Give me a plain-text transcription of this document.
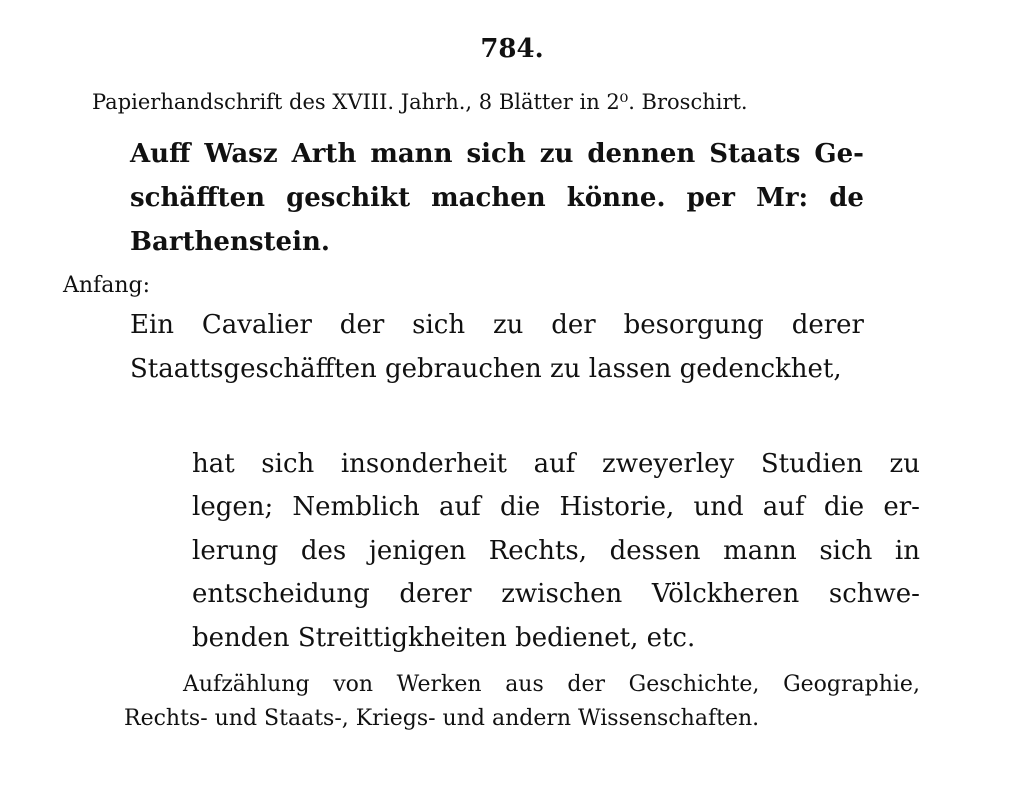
784.
Papierhandschrift des XVIII. Jahrh., 8 Blätter in 2⁰. Broschirt.
Auff Wasz Arth mann sich zu dennen Staats Ge-
schäfften geschikt machen könne. per Mr: de
Barthenstein.
Anfang:
Ein Cavalier der sich zu der besorgung derer
Staattsgeschäfften gebrauchen zu lassen gedenckhet,
hat sich insonderheit auf zweyerley Studien zu
legen; Nemblich auf die Historie, und auf die er-
lerung des jenigen Rechts, dessen mann sich in
entscheidung derer zwischen Völckheren schwe-
benden Streittigkheiten bedienet, etc.
Aufzählung von Werken aus der Geschichte, Geographie,
Rechts- und Staats-, Kriegs- und andern Wissenschaften.
